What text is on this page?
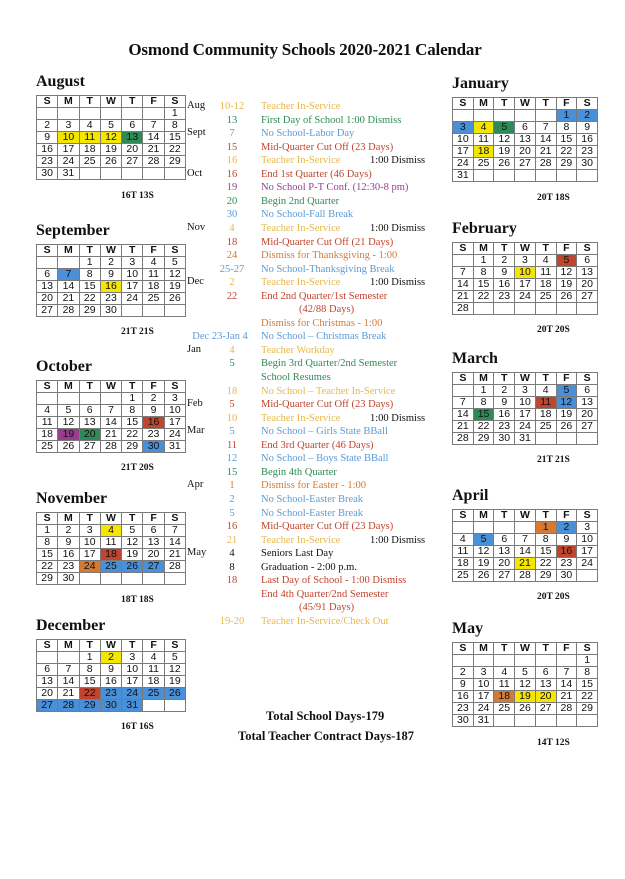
Osmond Community Schools 2020-2021 Calendar
August
S	M	T	W	T	F	S
						1
2	3	4	5	6	7	8
9	10	11	12	13	14	15
16	17	18	19	20	21	22
23	24	25	26	27	28	29
30	31					
16T 13S
September
S	M	T	W	T	F	S
		1	2	3	4	5
6	7	8	9	10	11	12
13	14	15	16	17	18	19
20	21	22	23	24	25	26
27	28	29	30			
21T 21S
October
S	M	T	W	T	F	S
				1	2	3
4	5	6	7	8	9	10
11	12	13	14	15	16	17
18	19	20	21	22	23	24
25	26	27	28	29	30	31
21T 20S
November
S	M	T	W	T	F	S
1	2	3	4	5	6	7
8	9	10	11	12	13	14
15	16	17	18	19	20	21
22	23	24	25	26	27	28
29	30					
18T 18S
December
S	M	T	W	T	F	S
		1	2	3	4	5
6	7	8	9	10	11	12
13	14	15	16	17	18	19
20	21	22	23	24	25	26
27	28	29	30	31		
16T 16S
January
S	M	T	W	T	F	S
					1	2
3	4	5	6	7	8	9
10	11	12	13	14	15	16
17	18	19	20	21	22	23
24	25	26	27	28	29	30
31						
20T 18S
February
S	M	T	W	T	F	S
	1	2	3	4	5	6
7	8	9	10	11	12	13
14	15	16	17	18	19	20
21	22	23	24	25	26	27
28						
20T 20S
March
S	M	T	W	T	F	S
	1	2	3	4	5	6
7	8	9	10	11	12	13
14	15	16	17	18	19	20
21	22	23	24	25	26	27
28	29	30	31			
21T 21S
April
S	M	T	W	T	F	S
				1	2	3
4	5	6	7	8	9	10
11	12	13	14	15	16	17
18	19	20	21	22	23	24
25	26	27	28	29	30	
20T 20S
May
S	M	T	W	T	F	S
						1
2	3	4	5	6	7	8
9	10	11	12	13	14	15
16	17	18	19	20	21	22
23	24	25	26	27	28	29
30	31					
14T 12S
Aug	10-12	Teacher In-Service
13	First Day of School 1:00 Dismiss
Sept	7	No School-Labor Day
15	Mid-Quarter Cut Off (23 Days)
16	Teacher In-Service	1:00 Dismiss
Oct	16	End 1st Quarter (46 Days)
19	No School P-T Conf. (12:30-8 pm)
20	Begin 2nd Quarter
30	No School-Fall Break
Nov	4	Teacher In-Service	1:00 Dismiss
18	Mid-Quarter Cut Off (21 Days)
24	Dismiss for Thanksgiving - 1:00
25-27	No School-Thanksgiving Break
Dec	2	Teacher In-Service	1:00 Dismiss
22	End 2nd Quarter/1st Semester
(42/88 Days)
Dismiss for Christmas - 1:00
Dec 23-Jan 4	No School – Christmas Break
Jan	4	Teacher Workday
5	Begin 3rd Quarter/2nd Semester
School Resumes
18	No School – Teacher In-Service
Feb	5	Mid-Quarter Cut Off (23 Days)
10	Teacher In-Service	1:00 Dismiss
Mar	5	No School – Girls State BBall
11	End 3rd Quarter (46 Days)
12	No School – Boys State BBall
15	Begin 4th Quarter
Apr	1	Dismiss for Easter - 1:00
2	No School-Easter Break
5	No School-Easter Break
16	Mid-Quarter Cut Off (23 Days)
21	Teacher In-Service	1:00 Dismiss
May	4	Seniors Last Day
8	Graduation - 2:00 p.m.
18	Last Day of School - 1:00 Dismiss
End 4th Quarter/2nd Semester
(45/91 Days)
19-20	Teacher In-Service/Check Out
Total School Days-179
Total Teacher Contract Days-187
